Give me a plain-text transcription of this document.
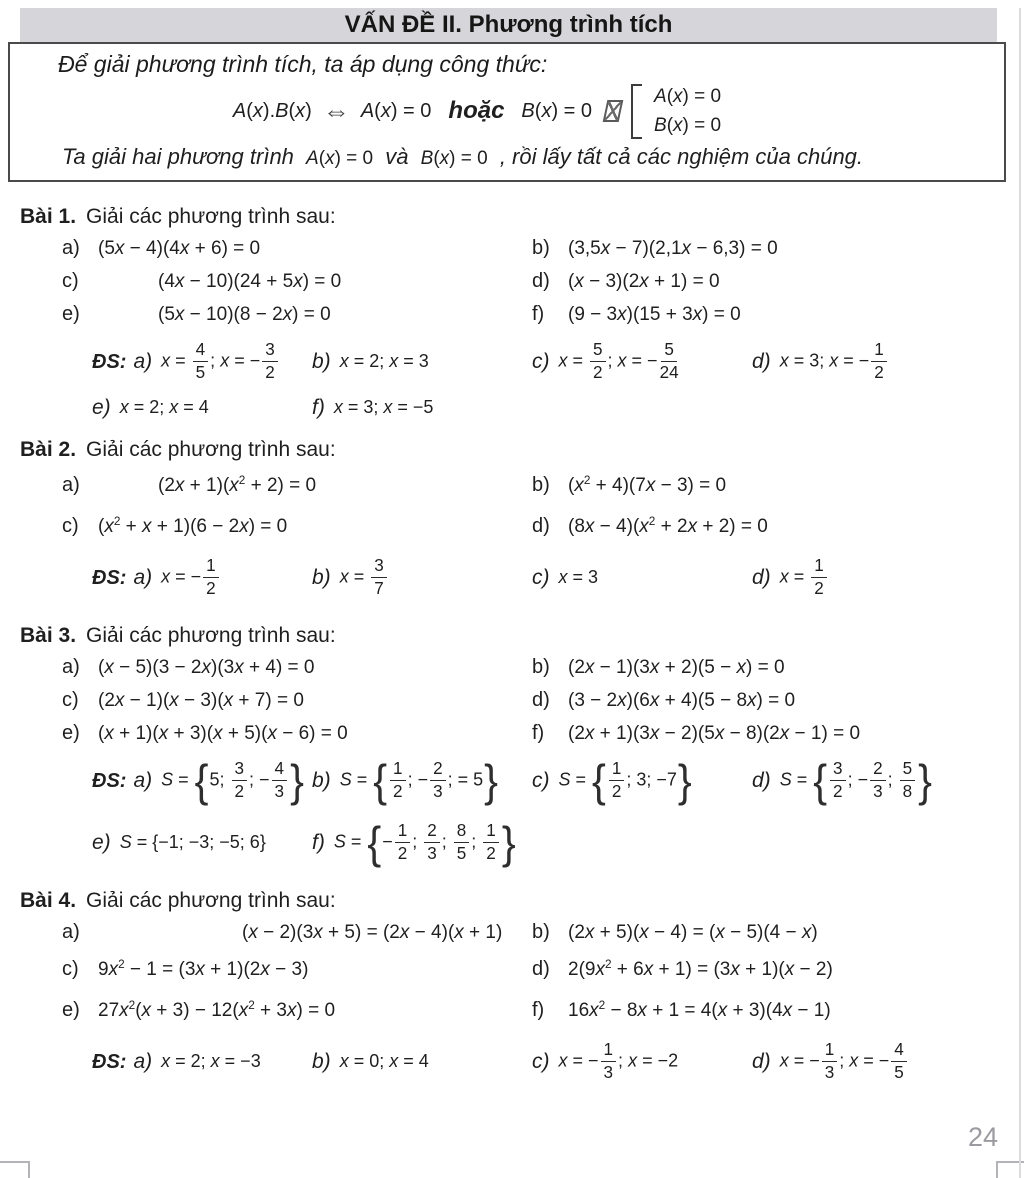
VẤN ĐỀ II. Phương trình tích
Để giải phương trình tích, ta áp dụng công thức:
A(x).B(x) ⇔ A(x) = 0 hoặc B(x) = 0
A(x) = 0
B(x) = 0
Ta giải hai phương trình A(x) = 0 và B(x) = 0 , rồi lấy tất cả các nghiệm của chúng.
Bài 1. Giải các phương trình sau:
a) (5x − 4)(4x + 6) = 0	b) (3,5x − 7)(2,1x − 6,3) = 0
c)	(4x − 10)(24 + 5x) = 0	d) (x − 3)(2x + 1) = 0
e)	(5x − 10)(8 − 2x) = 0	f)	(9 − 3x)(15 + 3x) = 0
ĐS: a) $x = \frac{4}{5}$ ; x = − $\frac{3}{2} b$) x = 2; x = 3	c) $x = \frac{5}{2}$ ; x = − $\frac{5}{24}$	d) x = 3; x = − $\frac{1}{2}$
e) x = 2; x = 4	f) x = 3; x = −5
Bài 2. Giải các phương trình sau:
a)	$(2x + 1)(x^2 + 2) = 0$	b) $(x^2 + 4)(7x - 3) = 0$
c)	$(x^2 + x + 1)(6 - 2x) = 0$	d) $(8x - 4)(x^2 + 2x + 2) = 0$
ĐS: a) x = − $\frac{1}{2}$	b) $x = \frac{3}{7}$	c) x = 3	d) $x = \frac{1}{2}$
Bài 3. Giải các phương trình sau:
a) (x − 5)(3 − 2x)(3x + 4) = 0	b) (2x − 1)(3x + 2)(5 − x) = 0
c)	(2x − 1)(x − 3)(x + 7) = 0	d) (3 − 2x)(6x + 4)(5 − 8x) = 0
e) (x + 1)(x + 3)(x + 5)(x − 6) = 0	f)	(2x + 1)(3x − 2)(5x − 8)(2x − 1) = 0
ĐS: a) S = {5; $\frac{3}{2}$ ; − $\frac{4}{3}$ } b) S = { $\frac{1}{2}$ ; − $\frac{2}{3}$ ; = 5} c) S = { $\frac{1}{2}$ ; 3; −7}	d) S = { $\frac{3}{2}$ ; − $\frac{2}{3}$ ; $\frac{5}{8}$ }
e) S = {−1; −3; −5; 6} f) S = {− $\frac{1}{2}$ ; $\frac{2}{3}$ ; $\frac{8}{5}$ ; $\frac{1}{2}$ }
Bài 4. Giải các phương trình sau:
a)	(x − 2)(3x + 5) = (2x − 4)(x + 1) b) (2x + 5)(x − 4) = (x − 5)(4 − x)
c)	$9x^2 - 1 = (3x + 1)(2x - 3)$	d) $2(9x^2 + 6x + 1) = (3x + 1)(x - 2)$
e) $27x^2(x + 3) - 12(x^2 + 3x) = 0$	f)	$16x^2 - 8x + 1 = 4(x + 3)(4x - 1)$
ĐS: a) x = 2; x = −3 b) x = 0; x = 4	c) x = − $\frac{1}{3}$ ; x = −2	d) x = − $\frac{1}{3}$ ; x = − $\frac{4}{5}$
24
